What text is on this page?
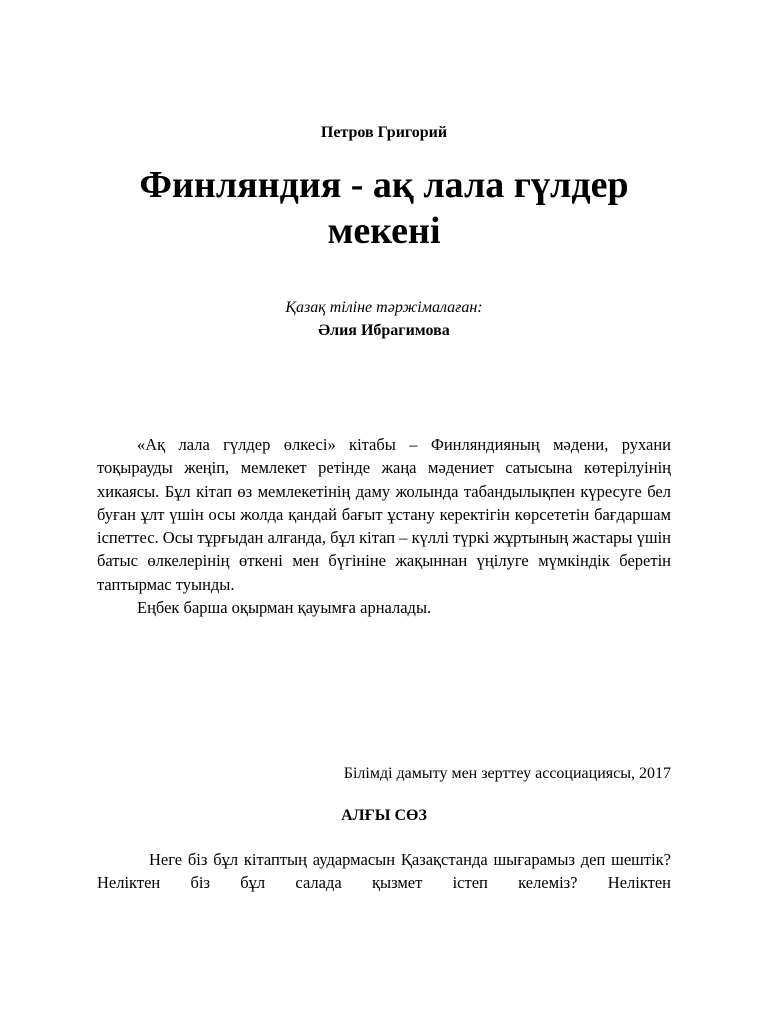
Петров Григорий
Финляндия - ақ лала гүлдер мекені
Қазақ тіліне тәржімалаған:
Әлия Ибрагимова

«Ақ лала гүлдер өлкесі» кітабы – Финляндияның мәдени, рухани тоқырауды жеңіп, мемлекет ретінде жаңа мәдениет сатысына көтерілуінің хикаясы. Бұл кітап өз мемлекетінің даму жолында табандылықпен күресуге бел буған ұлт үшін осы жолда қандай бағыт ұстану керектігін көрсететін бағдаршам іспеттес. Осы тұрғыдан алғанда, бұл кітап – күллі түркі жұртының жастары үшін батыс өлкелерінің өткені мен бүгініне жақыннан үңілуге мүмкіндік беретін таптырмас туынды.

Еңбек барша оқырман қауымға арналады.

Білімді дамыту мен зерттеу ассоциациясы, 2017
АЛҒЫ СӨЗ

Неге біз бұл кітаптың аудармасын Қазақстанда шығарамыз деп шештік? Неліктен біз бұл салада қызмет істеп келеміз? Неліктен
